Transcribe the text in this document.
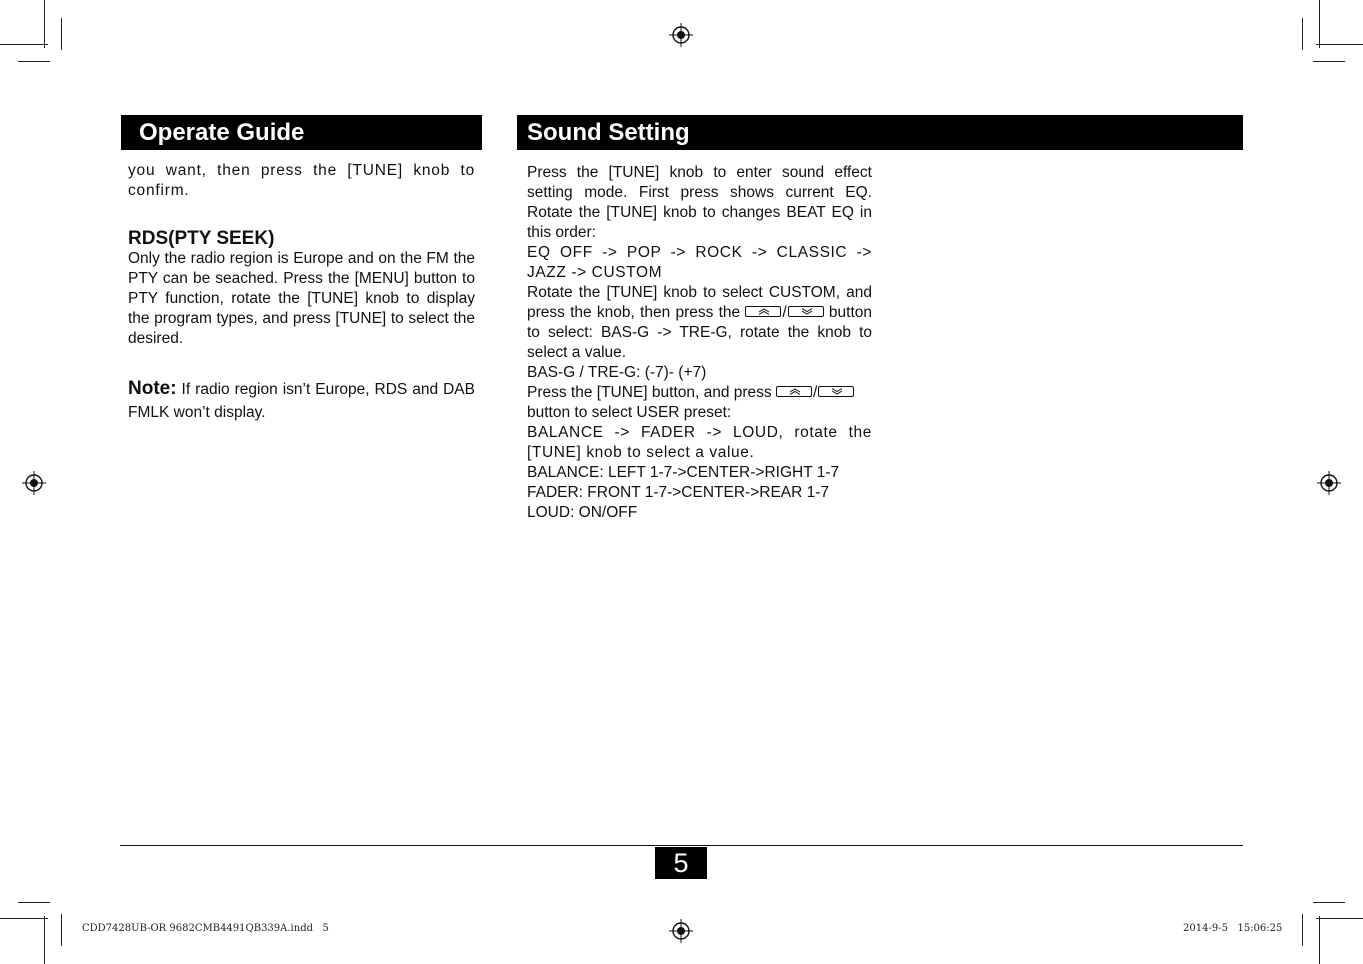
Operate Guide	Sound Setting

you want, then press the [TUNE] knob to confirm.

RDS(PTY SEEK)

Only the radio region is Europe and on the FM the PTY can be seached. Press the [MENU] button to PTY function, rotate the [TUNE] knob to display the program types, and press [TUNE] to select the desired.

Note: If radio region isn’t Europe, RDS and DAB FMLK won’t display.

Press the [TUNE] knob to enter sound effect setting mode. First press shows current EQ. Rotate the [TUNE] knob to changes BEAT EQ in this order:

EQ OFF -> POP -> ROCK -> CLASSIC -> JAZZ -> CUSTOM

Rotate the [TUNE] knob to select CUSTOM, and press the knob, then press the
/
button to select: BAS-G -> TRE-G, rotate the knob to select a value.

BAS-G / TRE-G: (-7)- (+7)

Press the [TUNE] button, and press
/
button to select USER preset:

BALANCE -> FADER -> LOUD, rotate the [TUNE] knob to select a value.

BALANCE: LEFT 1-7->CENTER->RIGHT 1-7

FADER: FRONT 1-7->CENTER->REAR 1-7

LOUD: ON/OFF

5
CDD7428UB-OR 9682CMB4491QB339A.indd   5	2014-9-5   15:06:25
